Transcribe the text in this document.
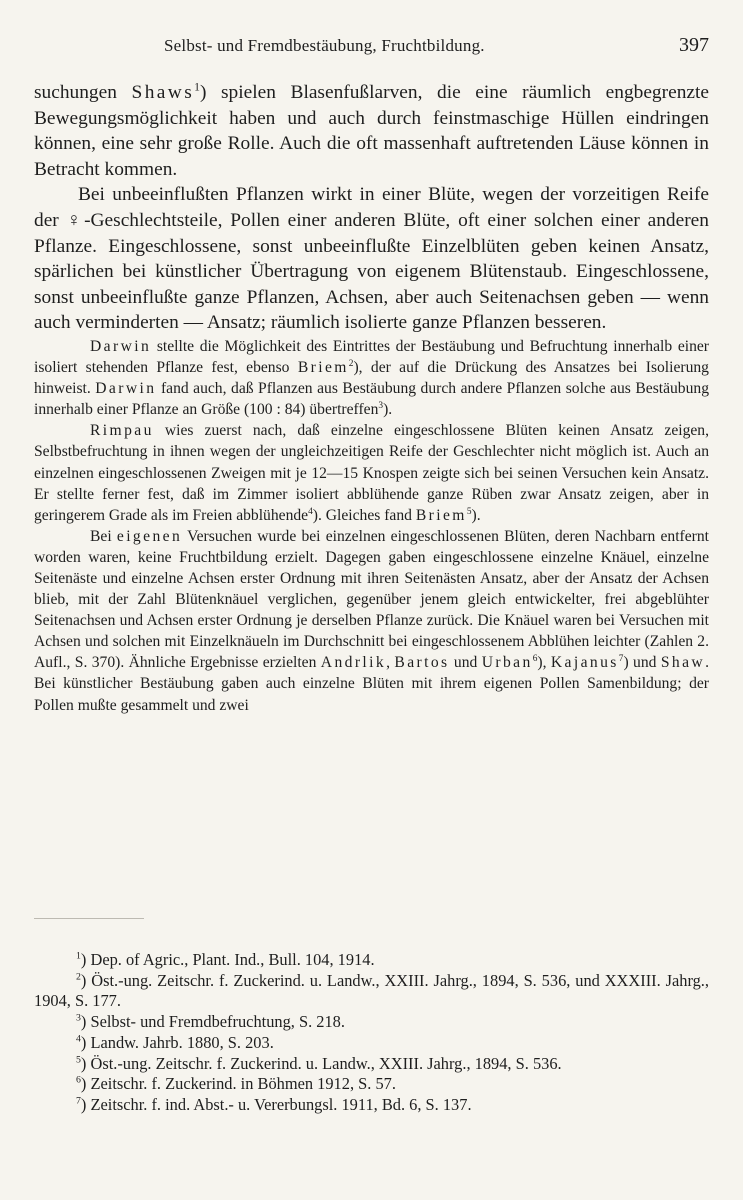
Selbst- und Fremdbestäubung, Fruchtbildung.	397

suchungen Shaws$^1$) spielen Blasenfußlarven, die eine räumlich engbegrenzte Bewegungsmöglichkeit haben und auch durch feinstmaschige Hüllen eindringen können, eine sehr große Rolle. Auch die oft massenhaft auftretenden Läuse können in Betracht kommen.

Bei unbeeinflußten Pflanzen wirkt in einer Blüte, wegen der vorzeitigen Reife der ♀-Geschlechtsteile, Pollen einer anderen Blüte, oft einer solchen einer anderen Pflanze. Eingeschlossene, sonst unbeeinflußte Einzelblüten geben keinen Ansatz, spärlichen bei künstlicher Übertragung von eigenem Blütenstaub. Eingeschlossene, sonst unbeeinflußte ganze Pflanzen, Achsen, aber auch Seitenachsen geben — wenn auch verminderten — Ansatz; räumlich isolierte ganze Pflanzen besseren.

Darwin stellte die Möglichkeit des Eintrittes der Bestäubung und Befruchtung innerhalb einer isoliert stehenden Pflanze fest, ebenso Briem$^2$), der auf die Drückung des Ansatzes bei Isolierung hinweist. Darwin fand auch, daß Pflanzen aus Bestäubung durch andere Pflanzen solche aus Bestäubung innerhalb einer Pflanze an Größe (100 : 84) übertreffen$^3$).

Rimpau wies zuerst nach, daß einzelne eingeschlossene Blüten keinen Ansatz zeigen, Selbstbefruchtung in ihnen wegen der ungleichzeitigen Reife der Geschlechter nicht möglich ist. Auch an einzelnen eingeschlossenen Zweigen mit je 12—15 Knospen zeigte sich bei seinen Versuchen kein Ansatz. Er stellte ferner fest, daß im Zimmer isoliert abblühende ganze Rüben zwar Ansatz zeigen, aber in geringerem Grade als im Freien abblühende$^4$). Gleiches fand Briem$^5$).

Bei eigenen Versuchen wurde bei einzelnen eingeschlossenen Blüten, deren Nachbarn entfernt worden waren, keine Fruchtbildung erzielt. Dagegen gaben eingeschlossene einzelne Knäuel, einzelne Seitenäste und einzelne Achsen erster Ordnung mit ihren Seitenästen Ansatz, aber der Ansatz der Achsen blieb, mit der Zahl Blütenknäuel verglichen, gegenüber jenem gleich entwickelter, frei abgeblühter Seitenachsen und Achsen erster Ordnung je derselben Pflanze zurück. Die Knäuel waren bei Versuchen mit Achsen und solchen mit Einzelknäueln im Durchschnitt bei eingeschlossenem Abblühen leichter (Zahlen 2. Aufl., S. 370). Ähnliche Ergebnisse erzielten Andrlik, Bartos und Urban$^6$), Kajanus$^7$) und Shaw. Bei künstlicher Bestäubung gaben auch einzelne Blüten mit ihrem eigenen Pollen Samenbildung; der Pollen mußte gesammelt und zwei

$^1$) Dep. of Agric., Plant. Ind., Bull. 104, 1914.

$^2$) Öst.-ung. Zeitschr. f. Zuckerind. u. Landw., XXIII. Jahrg., 1894, S. 536, und XXXIII. Jahrg., 1904, S. 177.

$^3$) Selbst- und Fremdbefruchtung, S. 218.

$^4$) Landw. Jahrb. 1880, S. 203.

$^5$) Öst.-ung. Zeitschr. f. Zuckerind. u. Landw., XXIII. Jahrg., 1894, S. 536.

$^6$) Zeitschr. f. Zuckerind. in Böhmen 1912, S. 57.

$^7$) Zeitschr. f. ind. Abst.- u. Vererbungsl. 1911, Bd. 6, S. 137.
